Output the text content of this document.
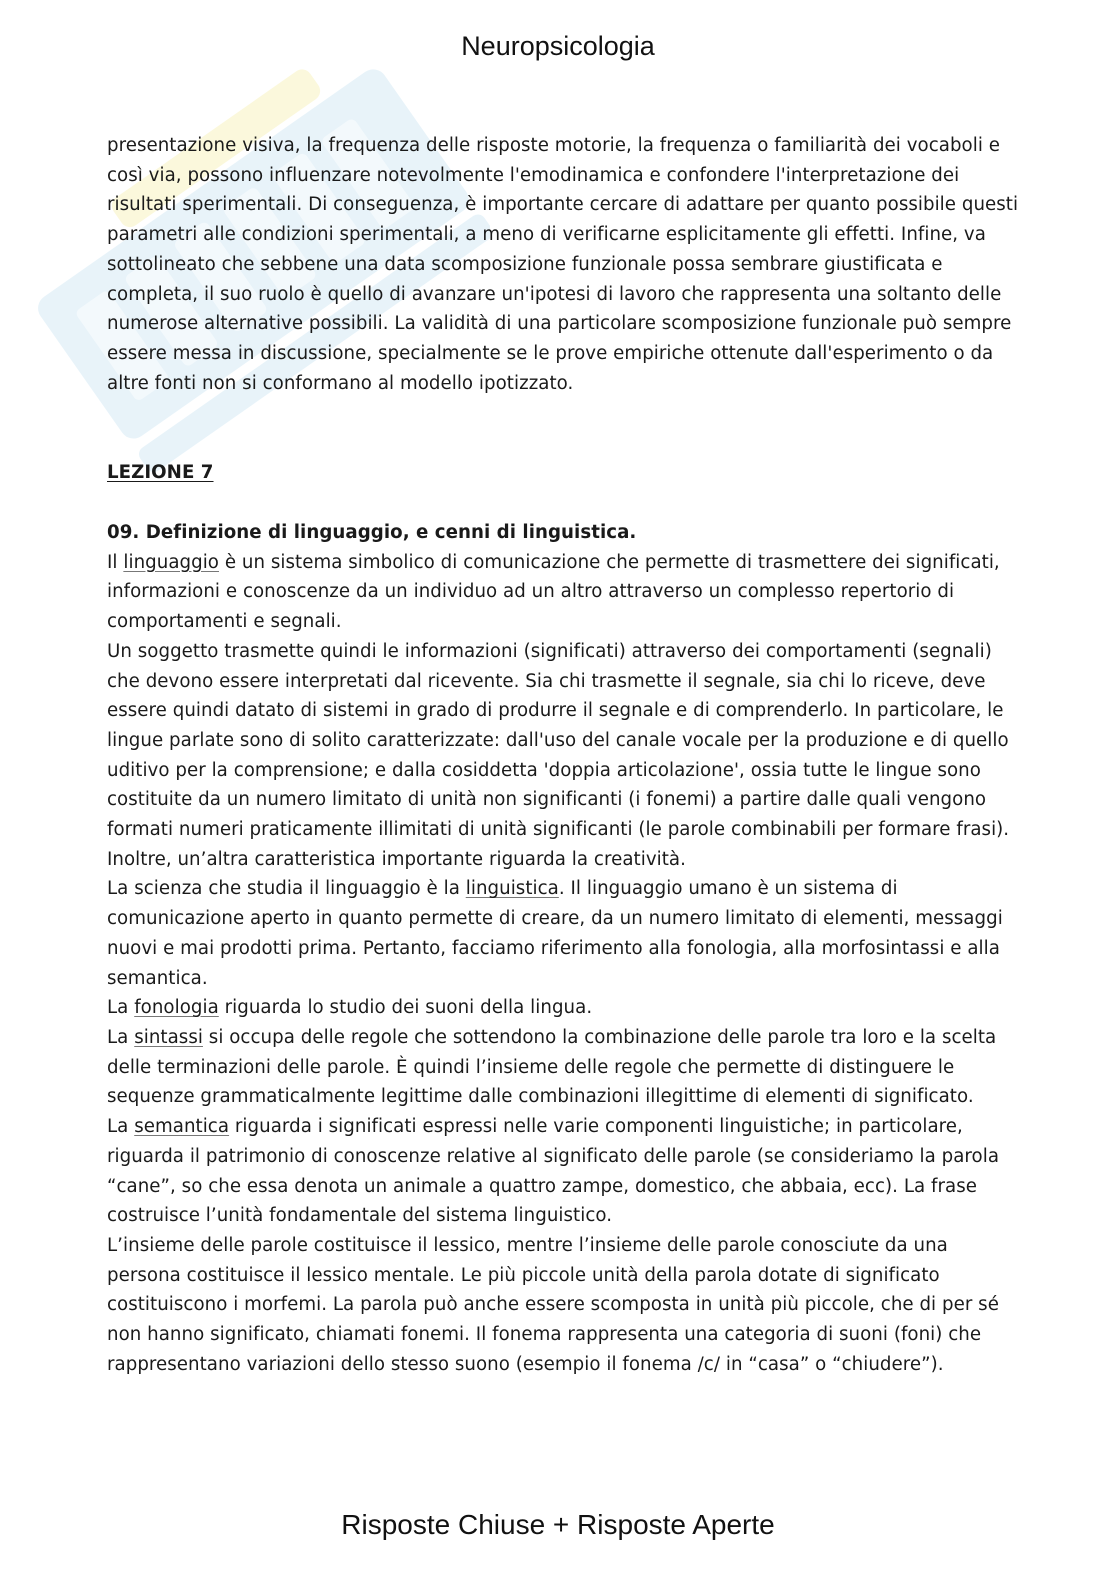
Neuropsicologia

presentazione visiva, la frequenza delle risposte motorie, la frequenza o familiarità dei vocaboli e così via, possono influenzare notevolmente l'emodinamica e confondere l'interpretazione dei risultati sperimentali. Di conseguenza, è importante cercare di adattare per quanto possibile questi parametri alle condizioni sperimentali, a meno di verificarne esplicitamente gli effetti. Infine, va sottolineato che sebbene una data scomposizione funzionale possa sembrare giustificata e completa, il suo ruolo è quello di avanzare un'ipotesi di lavoro che rappresenta una soltanto delle numerose alternative possibili. La validità di una particolare scomposizione funzionale può sempre essere messa in discussione, specialmente se le prove empiriche ottenute dall'esperimento o da altre fonti non si conformano al modello ipotizzato.

LEZIONE 7

09. Definizione di linguaggio, e cenni di linguistica.

Il linguaggio è un sistema simbolico di comunicazione che permette di trasmettere dei significati, informazioni e conoscenze da un individuo ad un altro attraverso un complesso repertorio di comportamenti e segnali.

Un soggetto trasmette quindi le informazioni (significati) attraverso dei comportamenti (segnali) che devono essere interpretati dal ricevente. Sia chi trasmette il segnale, sia chi lo riceve, deve essere quindi datato di sistemi in grado di produrre il segnale e di comprenderlo. In particolare, le lingue parlate sono di solito caratterizzate: dall'uso del canale vocale per la produzione e di quello uditivo per la comprensione; e dalla cosiddetta 'doppia articolazione', ossia tutte le lingue sono costituite da un numero limitato di unità non significanti (i fonemi) a partire dalle quali vengono formati numeri praticamente illimitati di unità significanti (le parole combinabili per formare frasi). Inoltre, un’altra caratteristica importante riguarda la creatività.

La scienza che studia il linguaggio è la linguistica. Il linguaggio umano è un sistema di comunicazione aperto in quanto permette di creare, da un numero limitato di elementi, messaggi nuovi e mai prodotti prima. Pertanto, facciamo riferimento alla fonologia, alla morfosintassi e alla semantica.

La fonologia riguarda lo studio dei suoni della lingua.

La sintassi si occupa delle regole che sottendono la combinazione delle parole tra loro e la scelta delle terminazioni delle parole. È quindi l’insieme delle regole che permette di distinguere le sequenze grammaticalmente legittime dalle combinazioni illegittime di elementi di significato.

La semantica riguarda i significati espressi nelle varie componenti linguistiche; in particolare, riguarda il patrimonio di conoscenze relative al significato delle parole (se consideriamo la parola “cane”, so che essa denota un animale a quattro zampe, domestico, che abbaia, ecc). La frase costruisce l’unità fondamentale del sistema linguistico.

L’insieme delle parole costituisce il lessico, mentre l’insieme delle parole conosciute da una persona costituisce il lessico mentale. Le più piccole unità della parola dotate di significato costituiscono i morfemi. La parola può anche essere scomposta in unità più piccole, che di per sé non hanno significato, chiamati fonemi. Il fonema rappresenta una categoria di suoni (foni) che rappresentano variazioni dello stesso suono (esempio il fonema /c/ in “casa” o “chiudere”).

Risposte Chiuse + Risposte Aperte
